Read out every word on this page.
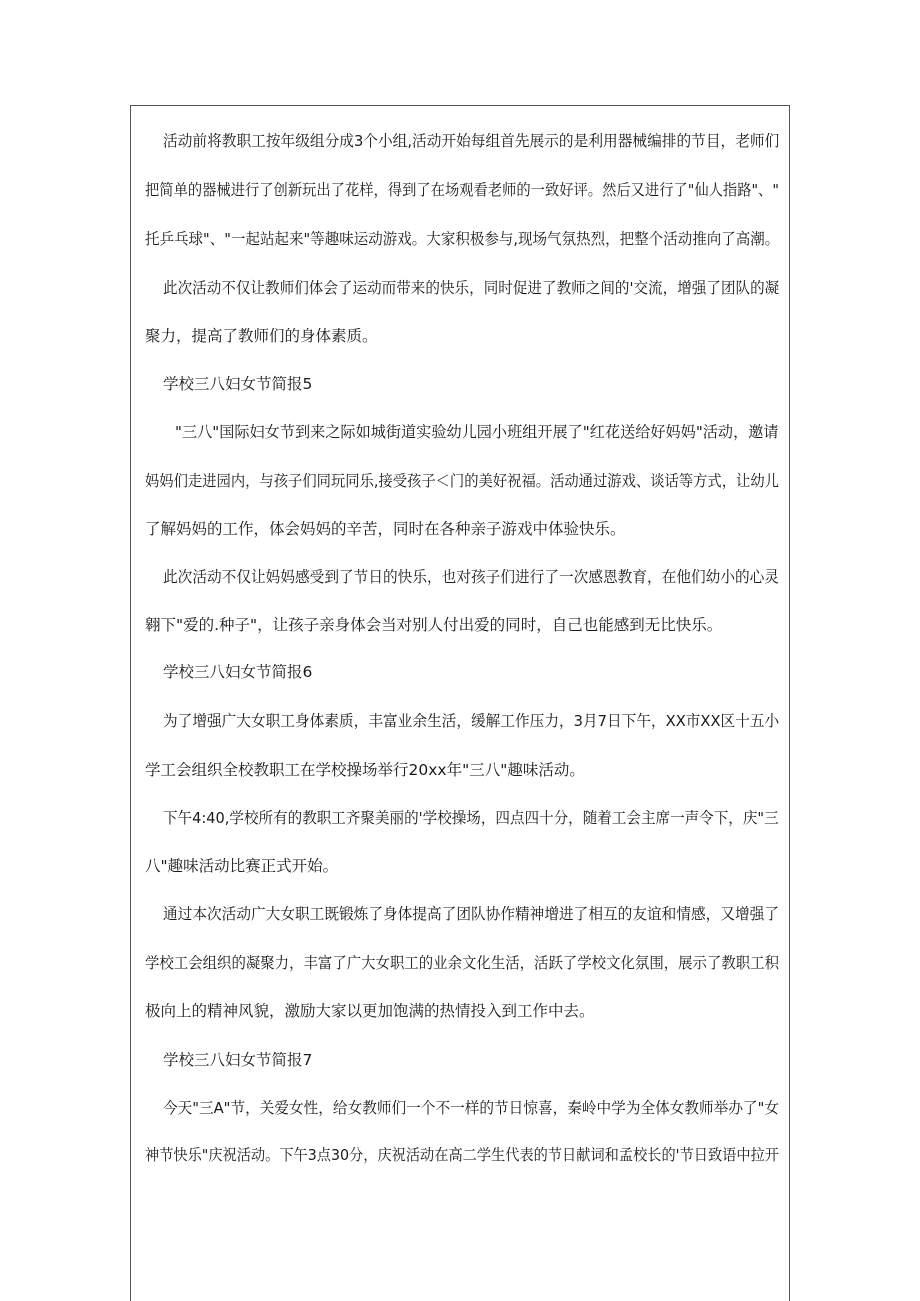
活动前将教职工按年级组分成3个小组,活动开始每组首先展示的是利用器械编排的节目，老师们
把简单的器械进行了创新玩出了花样，得到了在场观看老师的一致好评。然后又进行了"仙人指路"、"
托乒乓球"、"一起站起来"等趣味运动游戏。大家积极参与,现场气氛热烈，把整个活动推向了高潮。
此次活动不仅让教师们体会了运动而带来的快乐，同时促进了教师之间的'交流，增强了团队的凝
聚力，提高了教师们的身体素质。
学校三八妇女节简报5
"三八"国际妇女节到来之际如城街道实验幼儿园小班组开展了"红花送给好妈妈"活动，邀请
妈妈们走进园内，与孩子们同玩同乐,接受孩子＜门的美好祝福。活动通过游戏、谈话等方式，让幼儿
了解妈妈的工作，体会妈妈的辛苦，同时在各种亲子游戏中体验快乐。
此次活动不仅让妈妈感受到了节日的快乐，也对孩子们进行了一次感恩教育，在他们幼小的心灵
翱下"爱的.种子"，让孩子亲身体会当对别人付出爱的同时，自己也能感到无比快乐。
学校三八妇女节简报6
为了增强广大女职工身体素质，丰富业余生活，缓解工作压力，3月7日下午，XX市XX区十五小
学工会组织全校教职工在学校操场举行20xx年"三八"趣味活动。
下午4:40,学校所有的教职工齐聚美丽的'学校操场，四点四十分，随着工会主席一声令下，庆"三
八"趣味活动比赛正式开始。
通过本次活动广大女职工既锻炼了身体提高了团队协作精神增进了相互的友谊和情感，又增强了
学校工会组织的凝聚力，丰富了广大女职工的业余文化生活，活跃了学校文化氛围，展示了教职工积
极向上的精神风貌，激励大家以更加饱满的热情投入到工作中去。
学校三八妇女节简报7
今天"三A"节，关爱女性，给女教师们一个不一样的节日惊喜，秦岭中学为全体女教师举办了"女
神节快乐"庆祝活动。下午3点30分，庆祝活动在高二学生代表的节日献词和孟校长的'节日致语中拉开
